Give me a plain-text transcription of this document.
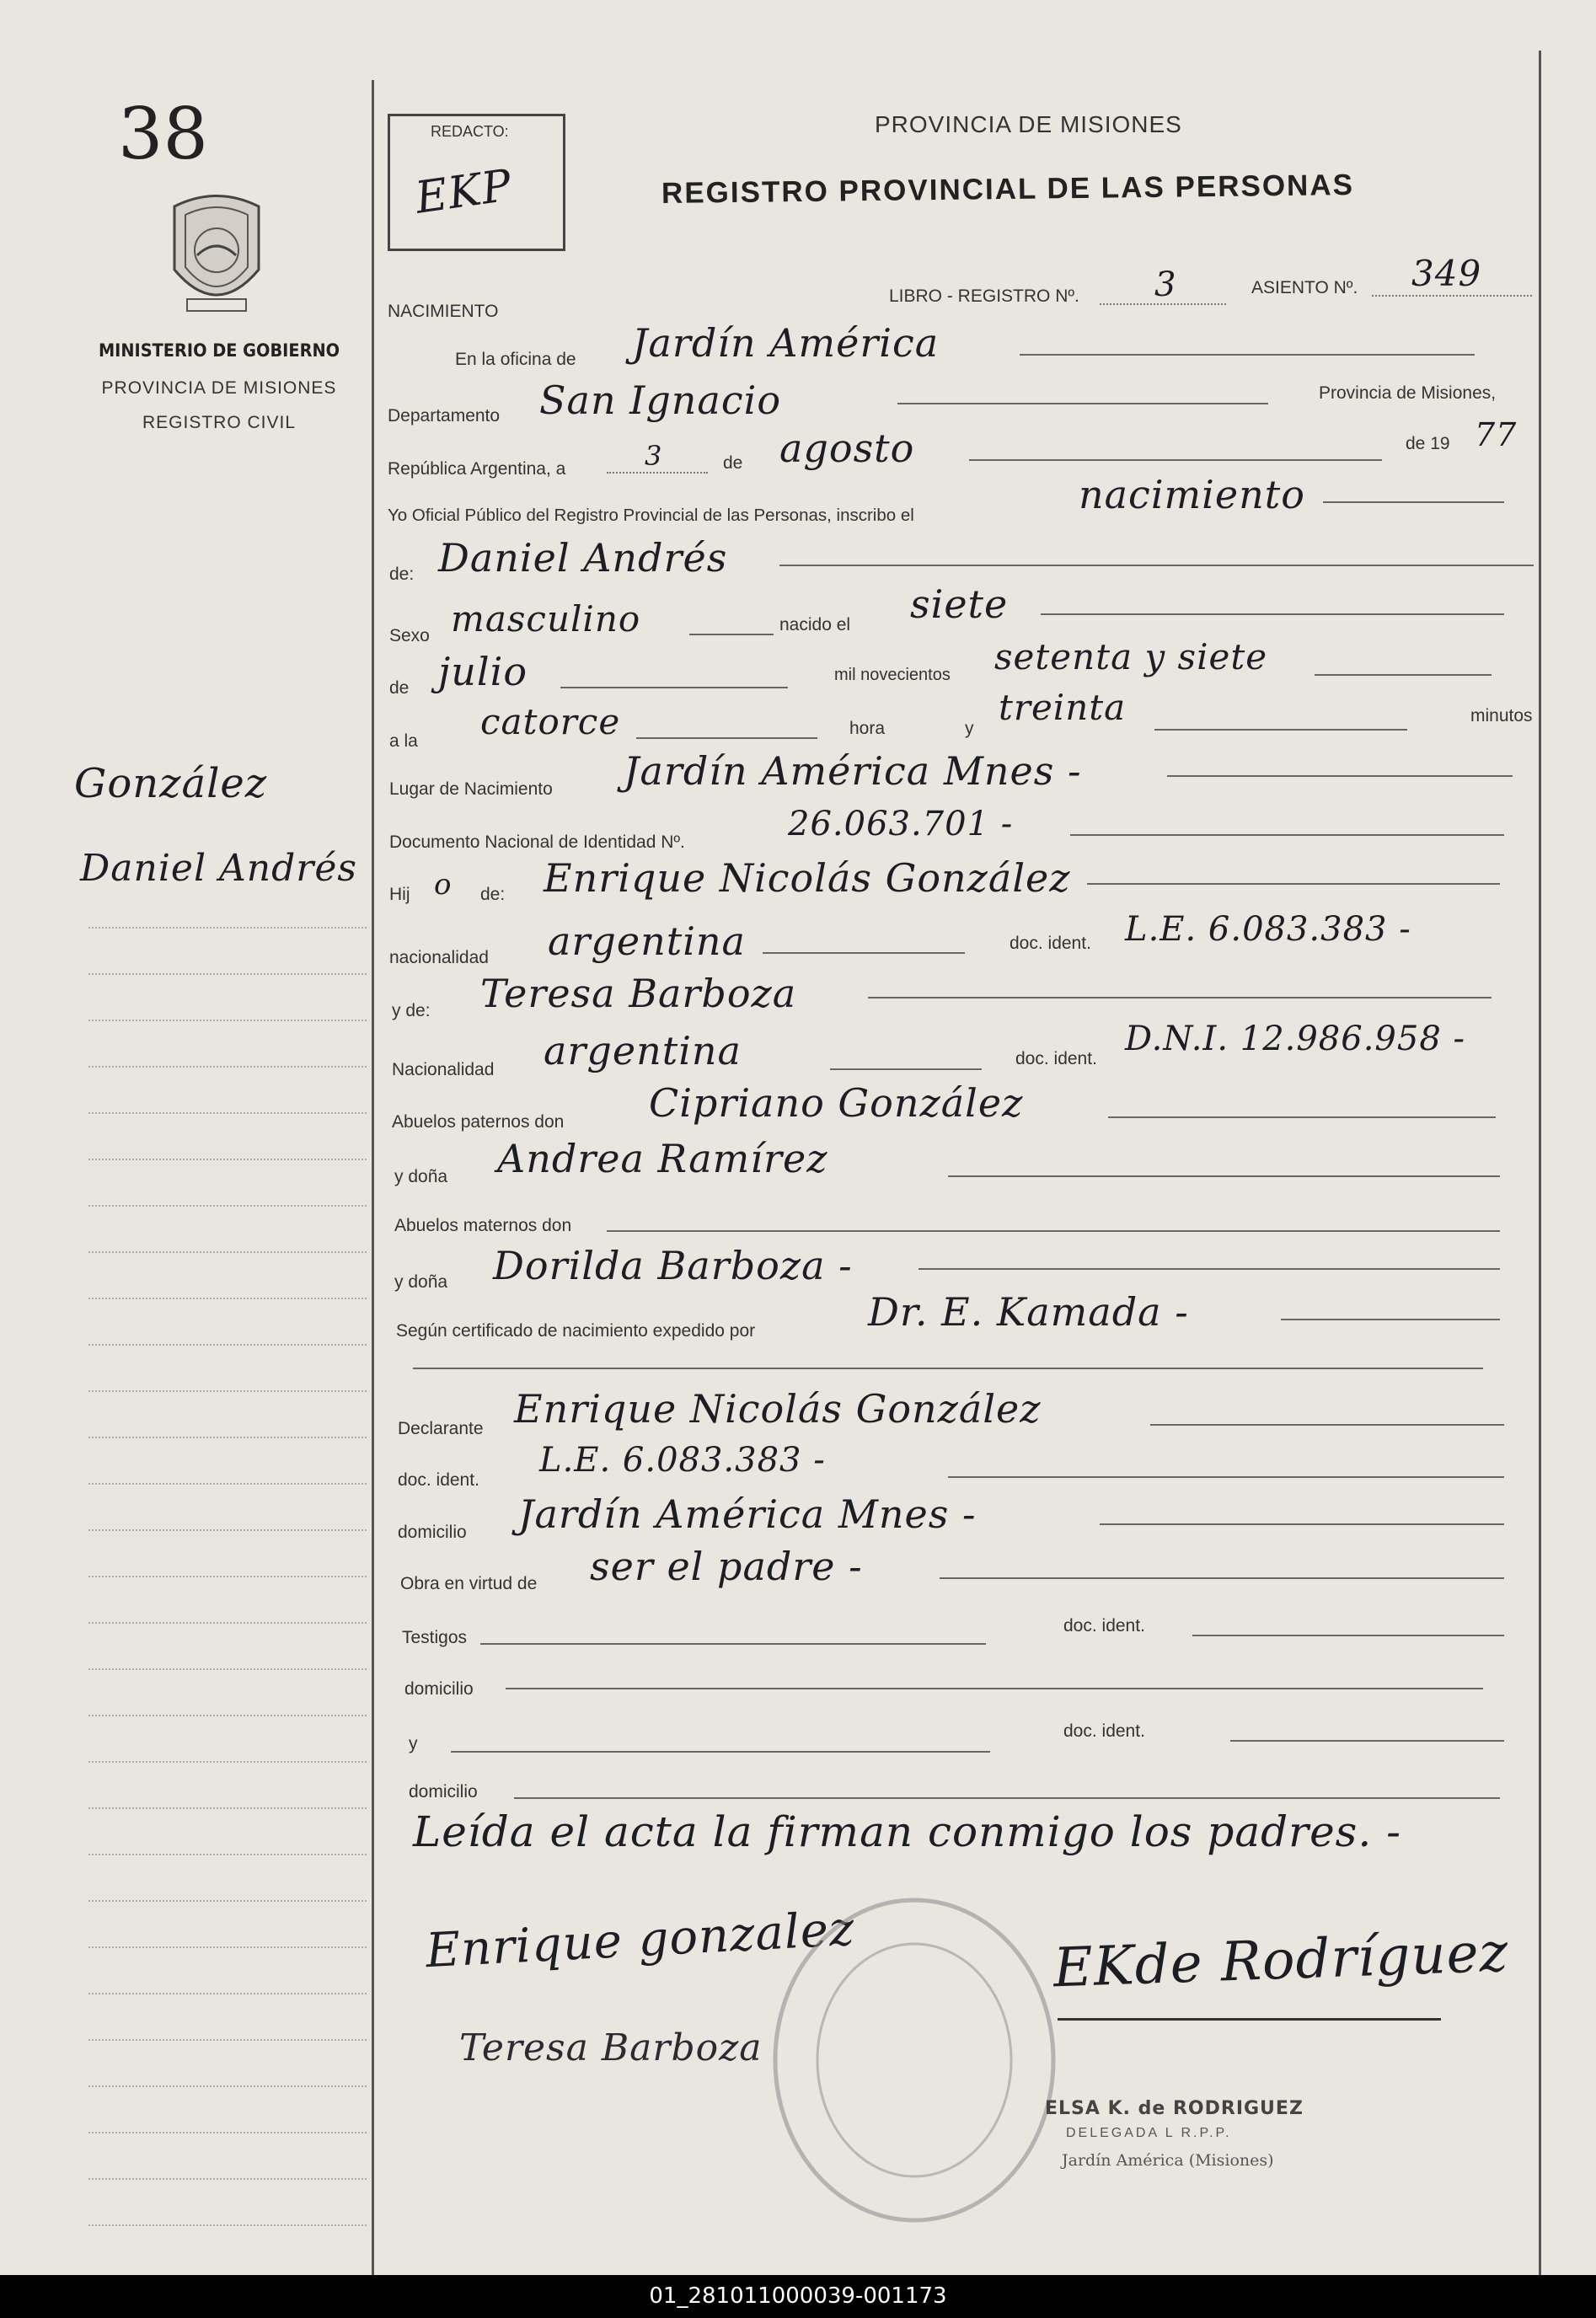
38
MINISTERIO DE GOBIERNO
PROVINCIA DE MISIONES
REGISTRO CIVIL
González
Daniel Andrés
REDACTO:
EKP
PROVINCIA DE MISIONES
REGISTRO PROVINCIAL DE LAS PERSONAS
LIBRO - REGISTRO Nº. 3	ASIENTO Nº. 349
NACIMIENTO
En la oficina de Jardín América
Departamento San Ignacio	Provincia de Misiones,
República Argentina, a	3	de agosto	de 19 77
Yo Oficial Público del Registro Provincial de las Personas, inscribo el	nacimiento
de: Daniel Andrés
Sexo masculino	nacido el siete
de julio	mil novecientos setenta y siete
a la catorce	hora	y
treinta	minutos
Lugar de Nacimiento Jardín América Mnes -
Documento Nacional de Identidad Nº.	26.063.701 -
Hij o de: Enrique Nicolás González
nacionalidad argentina	doc. ident. L.E. 6.083.383 -
y de: Teresa Barboza
Nacionalidad argentina	doc. ident.
D.N.I. 12.986.958 -
Abuelos paternos don Cipriano González
y doña Andrea Ramírez
Abuelos maternos don
y doña Dorilda Barboza -
Según certificado de nacimiento expedido por	Dr. E. Kamada -
Declarante Enrique Nicolás González
doc. ident.
L.E. 6.083.383 -
domicilio Jardín América Mnes -
Obra en virtud de ser el padre -
Testigos
doc. ident.
domicilio
y
doc. ident.
domicilio
Leída el acta la firman conmigo los padres. -
Enrique gonzalez
Teresa Barboza
EKde Rodríguez
ELSA K. de RODRIGUEZ
DELEGADA L R.P.P.
Jardín América (Misiones)
01_281011000039-001173
